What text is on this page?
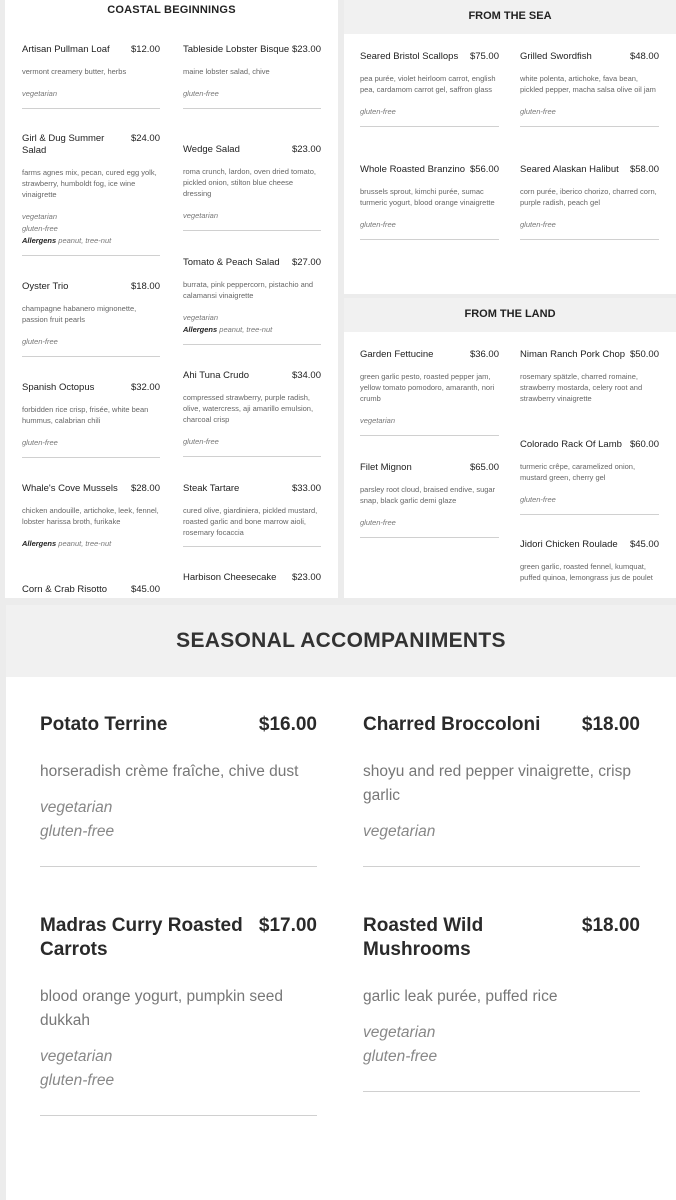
COASTAL BEGINNINGS
Artisan Pullman Loaf $12.00
vermont creamery butter, herbs
vegetarian
Tableside Lobster Bisque $23.00
maine lobster salad, chive
gluten-free
Girl & Dug Summer Salad
$24.00
farms agnes mix, pecan, cured egg yolk, strawberry, humboldt fog, ice wine vinaigrette
vegetarian
gluten-free
Allergens peanut, tree-nut
Wedge Salad	$23.00
roma crunch, lardon, oven dried tomato, pickled onion, stilton blue cheese dressing
vegetarian
Tomato & Peach Salad $27.00
burrata, pink peppercorn, pistachio and calamansi vinaigrette
vegetarian
Allergens peanut, tree-nut
Oyster Trio	$18.00
champagne habanero mignonette, passion fruit pearls
gluten-free
Ahi Tuna Crudo	$34.00
compressed strawberry, purple radish, olive, watercress, aji amarillo emulsion, charcoal crisp
gluten-free
Spanish Octopus	$32.00
forbidden rice crisp, frisée, white bean hummus, calabrian chili
gluten-free
Steak Tartare	$33.00
cured olive, giardiniera, pickled mustard, roasted garlic and bone marrow aioli, rosemary focaccia
Whale's Cove Mussels $28.00
chicken andouille, artichoke, leek, fennel, lobster harissa broth, furikake
Allergens peanut, tree-nut
Harbison Cheesecake $23.00
Corn & Crab Risotto	$45.00
FROM THE SEA
Seared Bristol Scallops $75.00
pea purée, violet heirloom carrot, english pea, cardamom carrot gel, saffron glass
gluten-free
Grilled Swordfish	$48.00
white polenta, artichoke, fava bean, pickled pepper, macha salsa olive oil jam
gluten-free
Whole Roasted Branzino $56.00
brussels sprout, kimchi purée, sumac turmeric yogurt, blood orange vinaigrette
gluten-free
Seared Alaskan Halibut $58.00
corn purée, iberico chorizo, charred corn, purple radish, peach gel
gluten-free
FROM THE LAND
Garden Fettucine	$36.00
green garlic pesto, roasted pepper jam, yellow tomato pomodoro, amaranth, nori crumb
vegetarian
Niman Ranch Pork Chop $50.00
rosemary spätzle, charred romaine, strawberry mostarda, celery root and strawberry vinaigrette
Colorado Rack Of Lamb $60.00
turmeric crêpe, caramelized onion, mustard green, cherry gel
gluten-free
Filet Mignon	$65.00
parsley root cloud, braised endive, sugar snap, black garlic demi glaze
gluten-free
Jidori Chicken Roulade $45.00
green garlic, roasted fennel, kumquat, puffed quinoa, lemongrass jus de poulet
SEASONAL ACCOMPANIMENTS
Potato Terrine	$16.00
horseradish crème fraîche, chive dust
vegetarian
gluten-free
Charred Broccoloni $18.00
shoyu and red pepper vinaigrette, crisp garlic
vegetarian
Madras Curry Roasted Carrots
$17.00
blood orange yogurt, pumpkin seed dukkah
vegetarian
gluten-free
Roasted Wild Mushrooms
$18.00
garlic leak purée, puffed rice
vegetarian
gluten-free
